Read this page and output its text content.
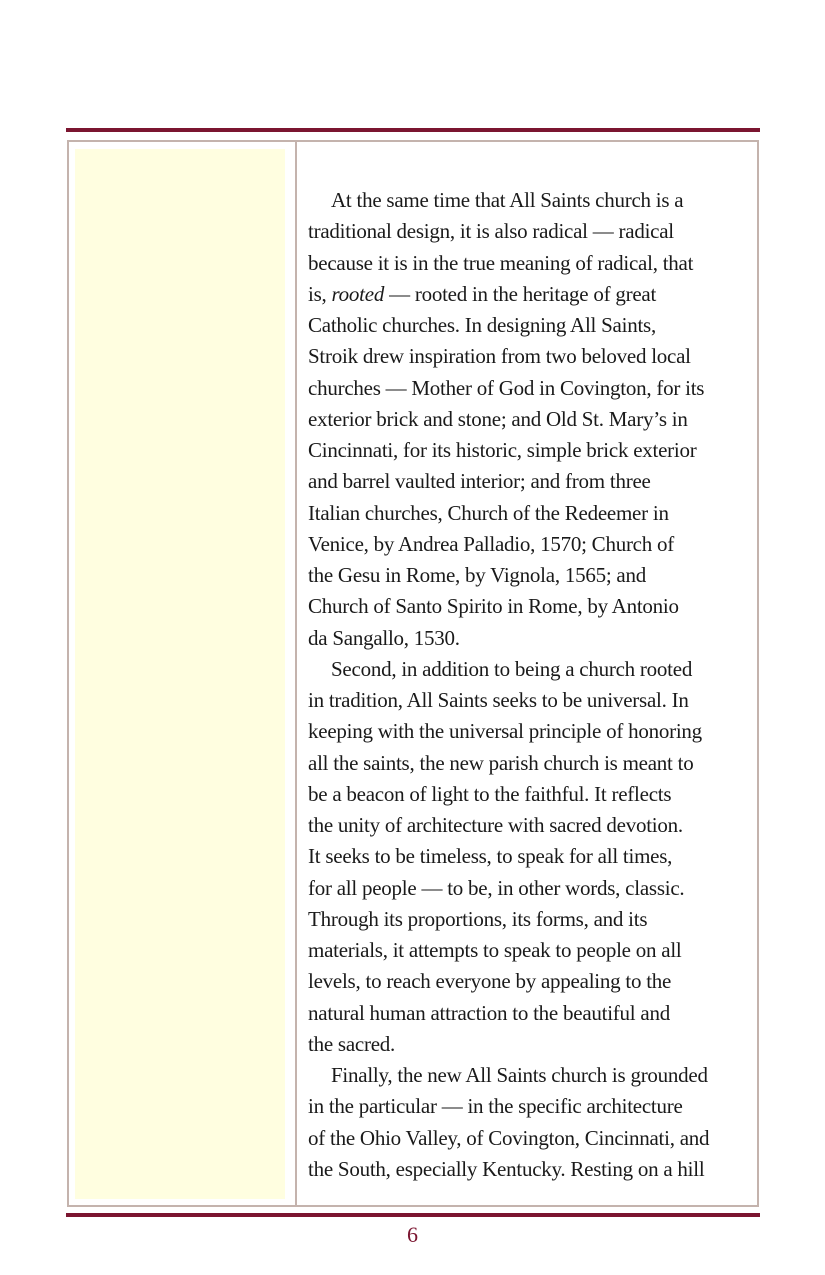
At the same time that All Saints church is a
traditional design, it is also radical — radical
because it is in the true meaning of radical, that
is, rooted — rooted in the heritage of great
Catholic churches. In designing All Saints,
Stroik drew inspiration from two beloved local
churches — Mother of God in Covington, for its
exterior brick and stone; and Old St. Mary’s in
Cincinnati, for its historic, simple brick exterior
and barrel vaulted interior; and from three
Italian churches, Church of the Redeemer in
Venice, by Andrea Palladio, 1570; Church of
the Gesu in Rome, by Vignola, 1565; and
Church of Santo Spirito in Rome, by Antonio
da Sangallo, 1530.
Second, in addition to being a church rooted
in tradition, All Saints seeks to be universal. In
keeping with the universal principle of honoring
all the saints, the new parish church is meant to
be a beacon of light to the faithful. It reflects
the unity of architecture with sacred devotion.
It seeks to be timeless, to speak for all times,
for all people — to be, in other words, classic.
Through its proportions, its forms, and its
materials, it attempts to speak to people on all
levels, to reach everyone by appealing to the
natural human attraction to the beautiful and
the sacred.
Finally, the new All Saints church is grounded
in the particular — in the specific architecture
of the Ohio Valley, of Covington, Cincinnati, and
the South, especially Kentucky. Resting on a hill
6
